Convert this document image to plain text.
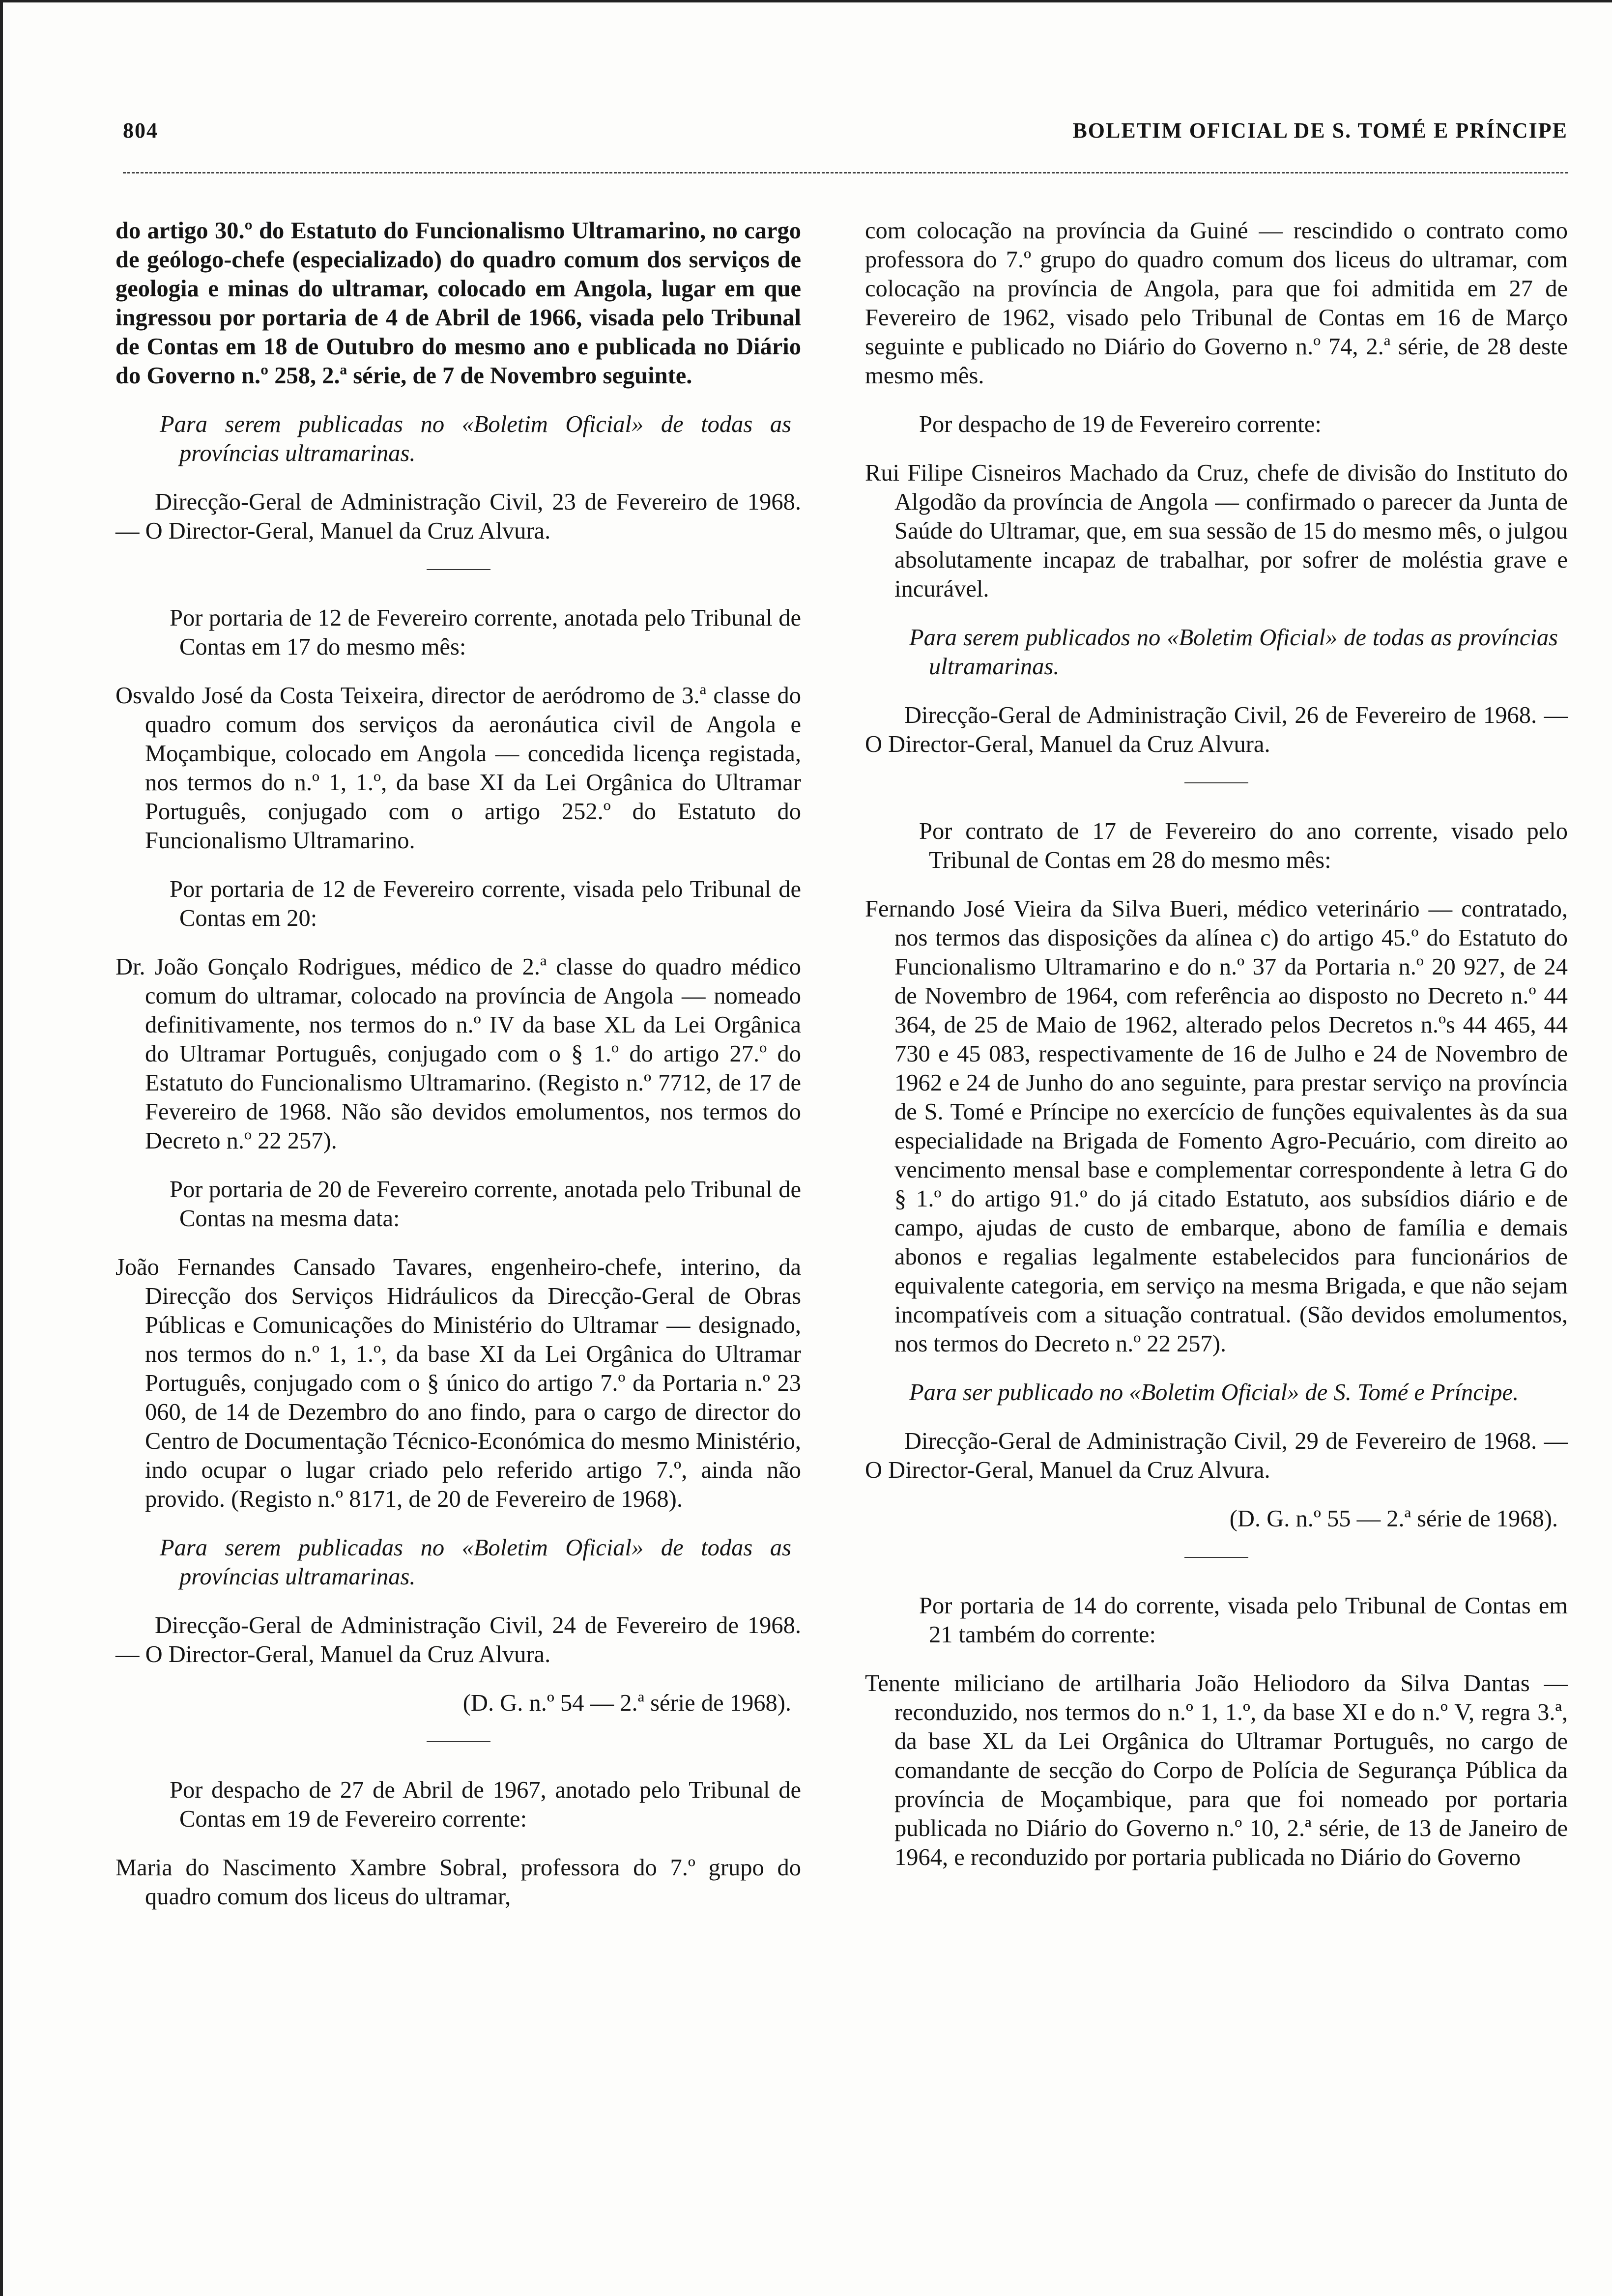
804	BOLETIM OFICIAL DE S. TOMÉ E PRÍNCIPE

do artigo 30.º do Estatuto do Funcionalismo Ultramarino, no cargo de geólogo-chefe (especializado) do quadro comum dos serviços de geologia e minas do ultramar, colocado em Angola, lugar em que ingressou por portaria de 4 de Abril de 1966, visada pelo Tribunal de Contas em 18 de Outubro do mesmo ano e publicada no Diário do Governo n.º 258, 2.ª série, de 7 de Novembro seguinte.

Para serem publicadas no «Boletim Oficial» de todas as províncias ultramarinas.

Direcção-Geral de Administração Civil, 23 de Fevereiro de 1968. — O Director-Geral, Manuel da Cruz Alvura.

Por portaria de 12 de Fevereiro corrente, anotada pelo Tribunal de Contas em 17 do mesmo mês:

Osvaldo José da Costa Teixeira, director de aeródromo de 3.ª classe do quadro comum dos serviços da aeronáutica civil de Angola e Moçambique, colocado em Angola — concedida licença registada, nos termos do n.º 1, 1.º, da base XI da Lei Orgânica do Ultramar Português, conjugado com o artigo 252.º do Estatuto do Funcionalismo Ultramarino.

Por portaria de 12 de Fevereiro corrente, visada pelo Tribunal de Contas em 20:

Dr. João Gonçalo Rodrigues, médico de 2.ª classe do quadro médico comum do ultramar, colocado na província de Angola — nomeado definitivamente, nos termos do n.º IV da base XL da Lei Orgânica do Ultramar Português, conjugado com o § 1.º do artigo 27.º do Estatuto do Funcionalismo Ultramarino. (Registo n.º 7712, de 17 de Fevereiro de 1968. Não são devidos emolumentos, nos termos do Decreto n.º 22 257).

Por portaria de 20 de Fevereiro corrente, anotada pelo Tribunal de Contas na mesma data:

João Fernandes Cansado Tavares, engenheiro-chefe, interino, da Direcção dos Serviços Hidráulicos da Direcção-Geral de Obras Públicas e Comunicações do Ministério do Ultramar — designado, nos termos do n.º 1, 1.º, da base XI da Lei Orgânica do Ultramar Português, conjugado com o § único do artigo 7.º da Portaria n.º 23 060, de 14 de Dezembro do ano findo, para o cargo de director do Centro de Documentação Técnico-Económica do mesmo Ministério, indo ocupar o lugar criado pelo referido artigo 7.º, ainda não provido. (Registo n.º 8171, de 20 de Fevereiro de 1968).

Para serem publicadas no «Boletim Oficial» de todas as províncias ultramarinas.

Direcção-Geral de Administração Civil, 24 de Fevereiro de 1968. — O Director-Geral, Manuel da Cruz Alvura.

(D. G. n.º 54 — 2.ª série de 1968).

Por despacho de 27 de Abril de 1967, anotado pelo Tribunal de Contas em 19 de Fevereiro corrente:

Maria do Nascimento Xambre Sobral, professora do 7.º grupo do quadro comum dos liceus do ultramar,

com colocação na província da Guiné — rescindido o contrato como professora do 7.º grupo do quadro comum dos liceus do ultramar, com colocação na província de Angola, para que foi admitida em 27 de Fevereiro de 1962, visado pelo Tribunal de Contas em 16 de Março seguinte e publicado no Diário do Governo n.º 74, 2.ª série, de 28 deste mesmo mês.

Por despacho de 19 de Fevereiro corrente:

Rui Filipe Cisneiros Machado da Cruz, chefe de divisão do Instituto do Algodão da província de Angola — confirmado o parecer da Junta de Saúde do Ultramar, que, em sua sessão de 15 do mesmo mês, o julgou absolutamente incapaz de trabalhar, por sofrer de moléstia grave e incurável.

Para serem publicados no «Boletim Oficial» de todas as províncias ultramarinas.

Direcção-Geral de Administração Civil, 26 de Fevereiro de 1968. — O Director-Geral, Manuel da Cruz Alvura.

Por contrato de 17 de Fevereiro do ano corrente, visado pelo Tribunal de Contas em 28 do mesmo mês:

Fernando José Vieira da Silva Bueri, médico veterinário — contratado, nos termos das disposições da alínea c) do artigo 45.º do Estatuto do Funcionalismo Ultramarino e do n.º 37 da Portaria n.º 20 927, de 24 de Novembro de 1964, com referência ao disposto no Decreto n.º 44 364, de 25 de Maio de 1962, alterado pelos Decretos n.ºs 44 465, 44 730 e 45 083, respectivamente de 16 de Julho e 24 de Novembro de 1962 e 24 de Junho do ano seguinte, para prestar serviço na província de S. Tomé e Príncipe no exercício de funções equivalentes às da sua especialidade na Brigada de Fomento Agro-Pecuário, com direito ao vencimento mensal base e complementar correspondente à letra G do § 1.º do artigo 91.º do já citado Estatuto, aos subsídios diário e de campo, ajudas de custo de embarque, abono de família e demais abonos e regalias legalmente estabelecidos para funcionários de equivalente categoria, em serviço na mesma Brigada, e que não sejam incompatíveis com a situação contratual. (São devidos emolumentos, nos termos do Decreto n.º 22 257).

Para ser publicado no «Boletim Oficial» de S. Tomé e Príncipe.

Direcção-Geral de Administração Civil, 29 de Fevereiro de 1968. — O Director-Geral, Manuel da Cruz Alvura.

(D. G. n.º 55 — 2.ª série de 1968).

Por portaria de 14 do corrente, visada pelo Tribunal de Contas em 21 também do corrente:

Tenente miliciano de artilharia João Heliodoro da Silva Dantas — reconduzido, nos termos do n.º 1, 1.º, da base XI e do n.º V, regra 3.ª, da base XL da Lei Orgânica do Ultramar Português, no cargo de comandante de secção do Corpo de Polícia de Segurança Pública da província de Moçambique, para que foi nomeado por portaria publicada no Diário do Governo n.º 10, 2.ª série, de 13 de Janeiro de 1964, e reconduzido por portaria publicada no Diário do Governo
